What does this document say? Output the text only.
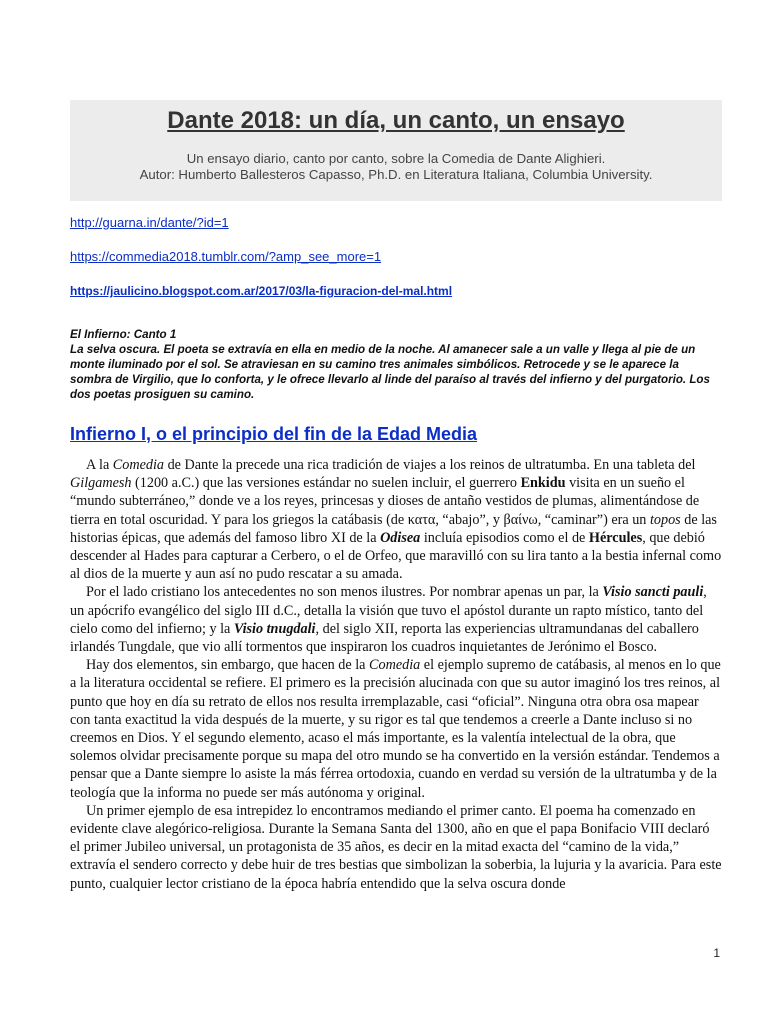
Dante 2018: un día, un canto, un ensayo
Un ensayo diario, canto por canto, sobre la Comedia de Dante Alighieri.
Autor: Humberto Ballesteros Capasso, Ph.D. en Literatura Italiana, Columbia University.
http://guarna.in/dante/?id=1
https://commedia2018.tumblr.com/?amp_see_more=1
https://jaulicino.blogspot.com.ar/2017/03/la-figuracion-del-mal.html
El Infierno: Canto 1
La selva oscura. El poeta se extravía en ella en medio de la noche. Al amanecer sale a un valle y llega al pie de un monte iluminado por el sol. Se atraviesan en su camino tres animales simbólicos. Retrocede y se le aparece la sombra de Virgilio, que lo conforta, y le ofrece llevarlo al linde del paraíso al través del infierno y del purgatorio. Los dos poetas prosiguen su camino.
Infierno I, o el principio del fin de la Edad Media

A la Comedia de Dante la precede una rica tradición de viajes a los reinos de ultratumba. En una tableta del Gilgamesh (1200 a.C.) que las versiones estándar no suelen incluir, el guerrero Enkidu visita en un sueño el “mundo subterráneo,” donde ve a los reyes, princesas y dioses de antaño vestidos de plumas, alimentándose de tierra en total oscuridad. Y para los griegos la catábasis (de κατα, “abajo”, y βαίνω, “caminar”) era un topos de las historias épicas, que además del famoso libro XI de la Odisea incluía episodios como el de Hércules, que debió descender al Hades para capturar a Cerbero, o el de Orfeo, que maravilló con su lira tanto a la bestia infernal como al dios de la muerte y aun así no pudo rescatar a su amada.

Por el lado cristiano los antecedentes no son menos ilustres. Por nombrar apenas un par, la Visio sancti pauli, un apócrifo evangélico del siglo III d.C., detalla la visión que tuvo el apóstol durante un rapto místico, tanto del cielo como del infierno; y la Visio tnugdali, del siglo XII, reporta las experiencias ultramundanas del caballero irlandés Tungdale, que vio allí tormentos que inspiraron los cuadros inquietantes de Jerónimo el Bosco.

Hay dos elementos, sin embargo, que hacen de la Comedia el ejemplo supremo de catábasis, al menos en lo que a la literatura occidental se refiere. El primero es la precisión alucinada con que su autor imaginó los tres reinos, al punto que hoy en día su retrato de ellos nos resulta irremplazable, casi “oficial”. Ninguna otra obra osa mapear con tanta exactitud la vida después de la muerte, y su rigor es tal que tendemos a creerle a Dante incluso si no creemos en Dios. Y el segundo elemento, acaso el más importante, es la valentía intelectual de la obra, que solemos olvidar precisamente porque su mapa del otro mundo se ha convertido en la versión estándar. Tendemos a pensar que a Dante siempre lo asiste la más férrea ortodoxia, cuando en verdad su versión de la ultratumba y de la teología que la informa no puede ser más autónoma y original.

Un primer ejemplo de esa intrepidez lo encontramos mediando el primer canto. El poema ha comenzado en evidente clave alegórico-religiosa. Durante la Semana Santa del 1300, año en que el papa Bonifacio VIII declaró el primer Jubileo universal, un protagonista de 35 años, es decir en la mitad exacta del “camino de la vida,” extravía el sendero correcto y debe huir de tres bestias que simbolizan la soberbia, la lujuria y la avaricia. Para este punto, cualquier lector cristiano de la época habría entendido que la selva oscura donde

1
